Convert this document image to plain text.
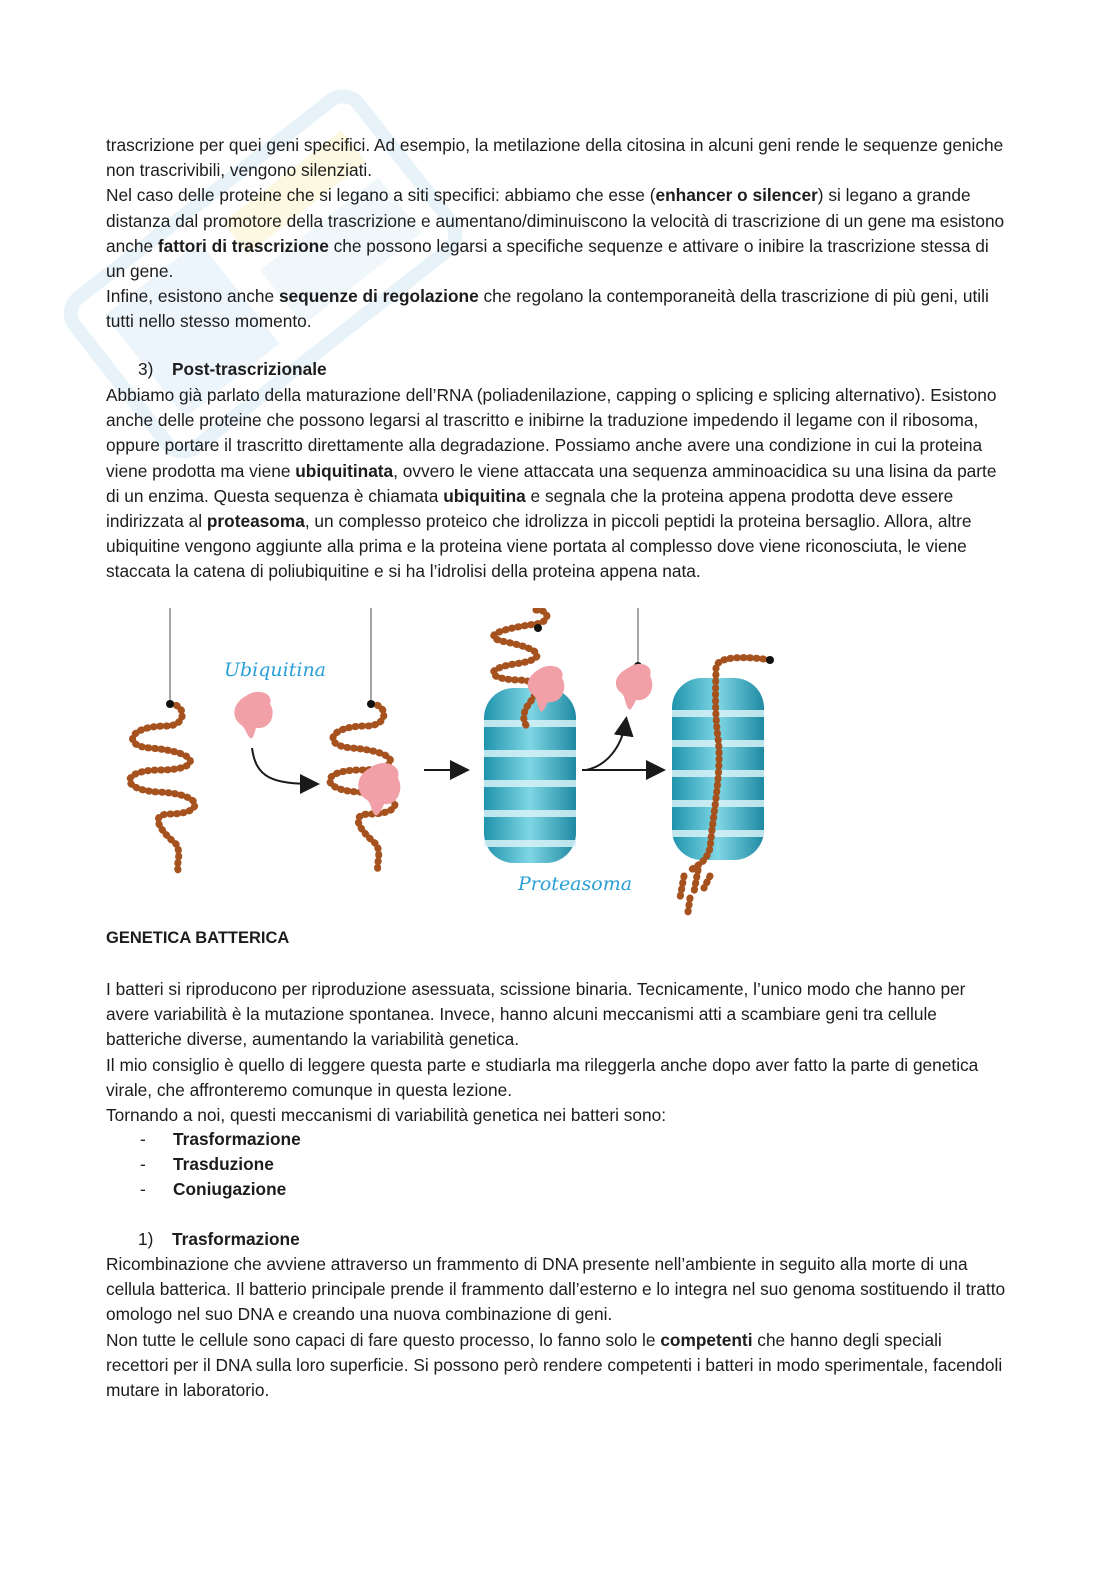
trascrizione per quei geni specifici. Ad esempio, la metilazione della citosina in alcuni geni rende le sequenze geniche non trascrivibili, vengono silenziati.
Nel caso delle proteine che si legano a siti specifici: abbiamo che esse (enhancer o silencer) si legano a grande distanza dal promotore della trascrizione e aumentano/diminuiscono la velocità di trascrizione di un gene ma esistono anche fattori di trascrizione che possono legarsi a specifiche sequenze e attivare o inibire la trascrizione stessa di un gene.
Infine, esistono anche sequenze di regolazione che regolano la contemporaneità della trascrizione di più geni, utili tutti nello stesso momento.

3) Post-trascrizionale

Abbiamo già parlato della maturazione dell’RNA (poliadenilazione, capping o splicing e splicing alternativo). Esistono anche delle proteine che possono legarsi al trascritto e inibirne la traduzione impedendo il legame con il ribosoma, oppure portare il trascritto direttamente alla degradazione. Possiamo anche avere una condizione in cui la proteina viene prodotta ma viene ubiquitinata, ovvero le viene attaccata una sequenza amminoacidica su una lisina da parte di un enzima. Questa sequenza è chiamata ubiquitina e segnala che la proteina appena prodotta deve essere indirizzata al proteasoma, un complesso proteico che idrolizza in piccoli peptidi la proteina bersaglio. Allora, altre ubiquitine vengono aggiunte alla prima e la proteina viene portata al complesso dove viene riconosciuta, le viene staccata la catena di poliubiquitine e si ha l’idrolisi della proteina appena nata.

Ubiquitina
Proteasoma

GENETICA BATTERICA

I batteri si riproducono per riproduzione asessuata, scissione binaria. Tecnicamente, l’unico modo che hanno per avere variabilità è la mutazione spontanea. Invece, hanno alcuni meccanismi atti a scambiare geni tra cellule batteriche diverse, aumentando la variabilità genetica.
Il mio consiglio è quello di leggere questa parte e studiarla ma rileggerla anche dopo aver fatto la parte di genetica virale, che affronteremo comunque in questa lezione.
Tornando a noi, questi meccanismi di variabilità genetica nei batteri sono:

- Trasformazione

- Trasduzione

- Coniugazione

1) Trasformazione

Ricombinazione che avviene attraverso un frammento di DNA presente nell’ambiente in seguito alla morte di una cellula batterica. Il batterio principale prende il frammento dall’esterno e lo integra nel suo genoma sostituendo il tratto omologo nel suo DNA e creando una nuova combinazione di geni.
Non tutte le cellule sono capaci di fare questo processo, lo fanno solo le competenti che hanno degli speciali recettori per il DNA sulla loro superficie. Si possono però rendere competenti i batteri in modo sperimentale, facendoli mutare in laboratorio.
